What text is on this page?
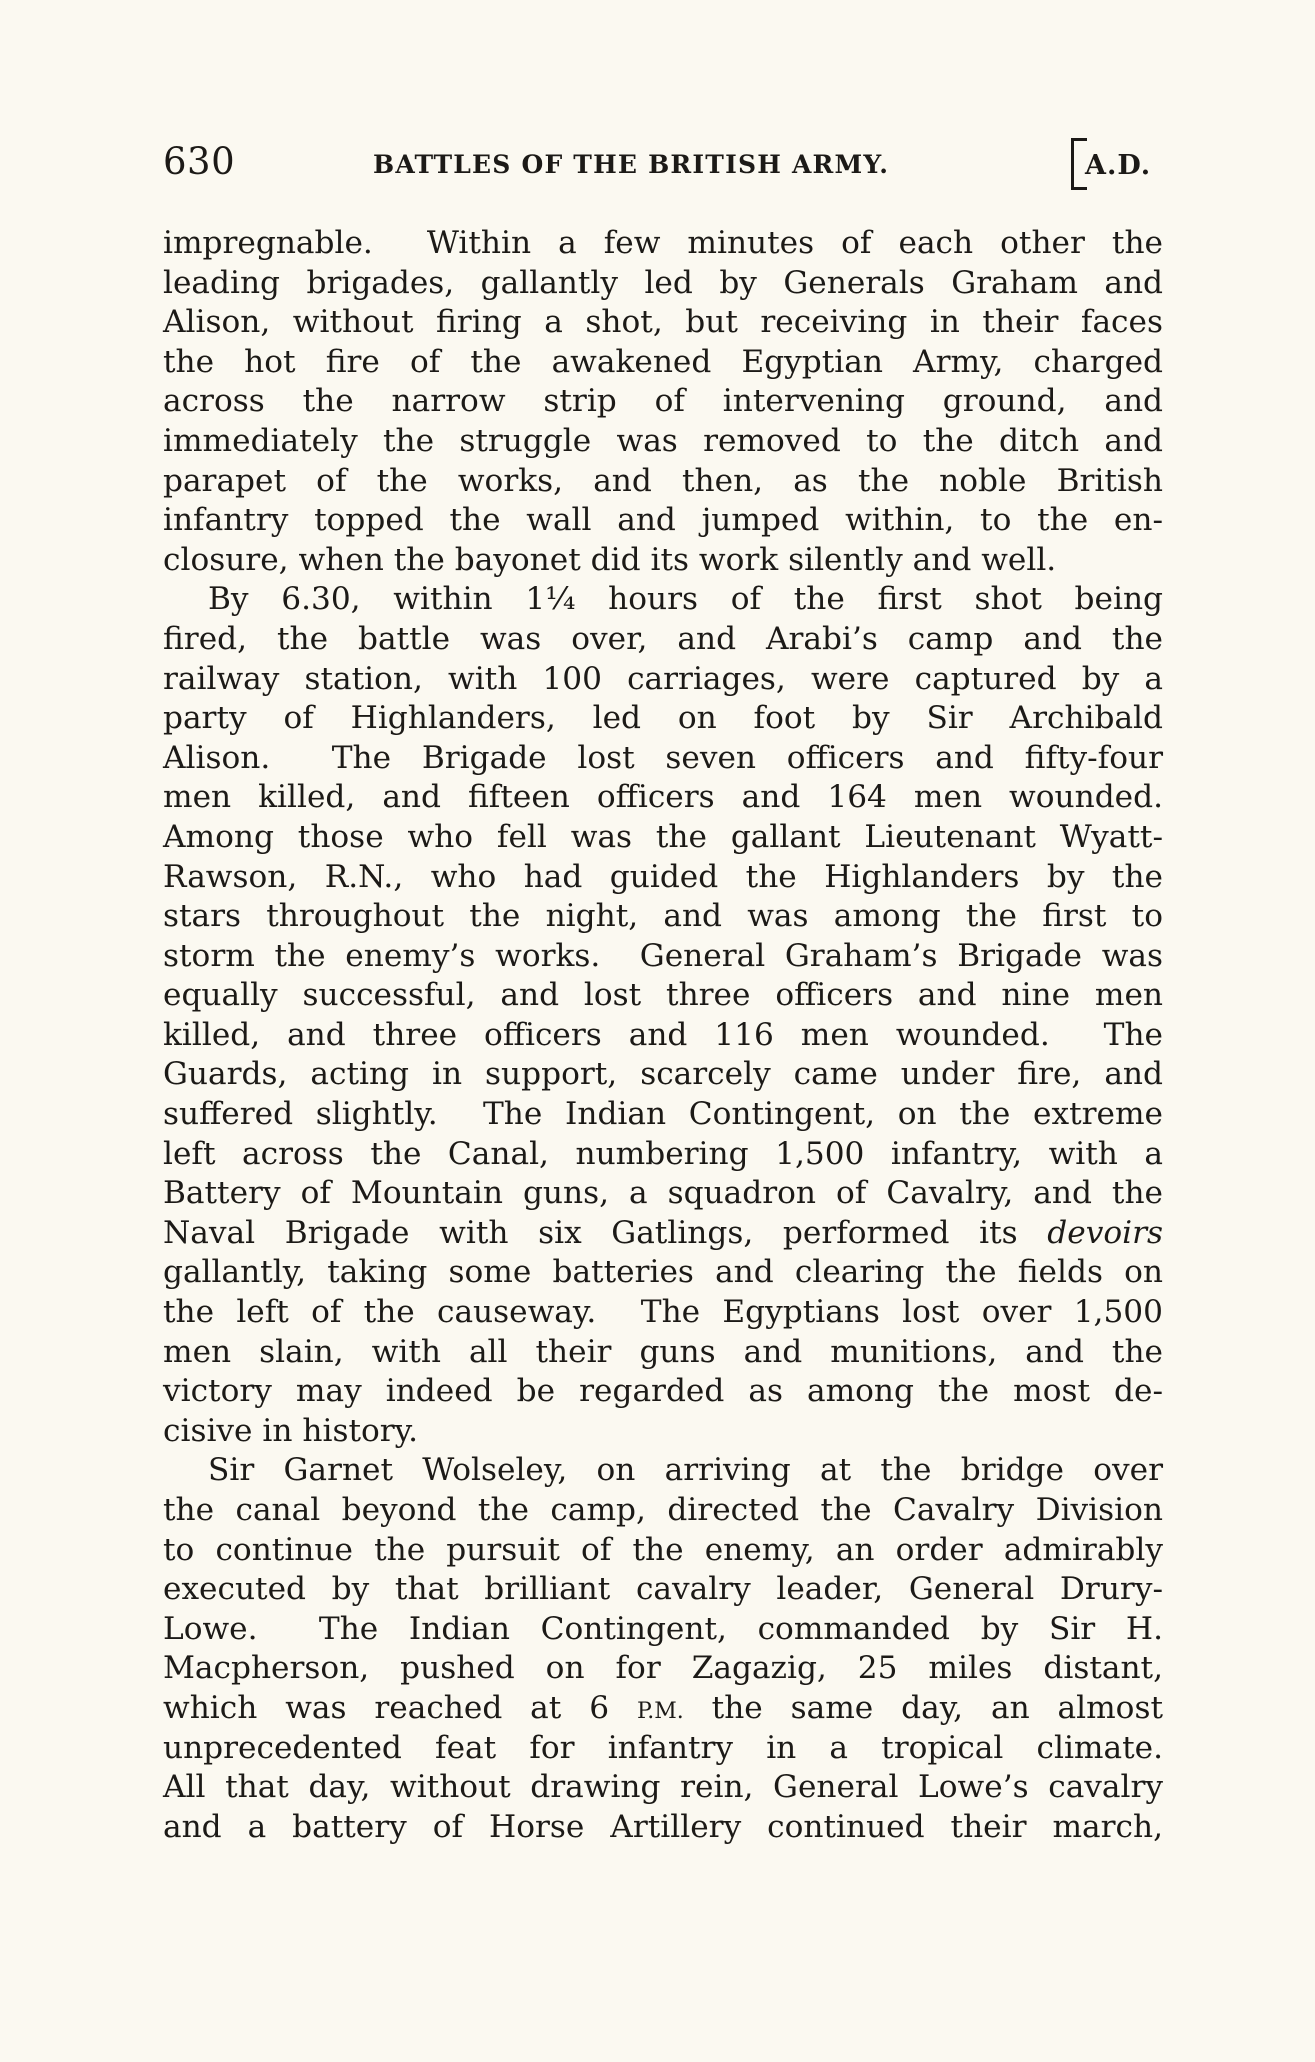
630	BATTLES OF THE BRITISH ARMY.	A.D.
impregnable.  Within a few minutes of each other the
leading brigades, gallantly led by Generals Graham and
Alison, without firing a shot, but receiving in their faces
the hot fire of the awakened Egyptian Army, charged
across the narrow strip of intervening ground, and
immediately the struggle was removed to the ditch and
parapet of the works, and then, as the noble British
infantry topped the wall and jumped within, to the en-
closure, when the bayonet did its work silently and well.
By 6.30, within 1¼ hours of the first shot being
fired, the battle was over, and Arabi’s camp and the
railway station, with 100 carriages, were captured by a
party of Highlanders, led on foot by Sir Archibald
Alison.  The Brigade lost seven officers and fifty-four
men killed, and fifteen officers and 164 men wounded.
Among those who fell was the gallant Lieutenant Wyatt-
Rawson, R.N., who had guided the Highlanders by the
stars throughout the night, and was among the first to
storm the enemy’s works.  General Graham’s Brigade was
equally successful, and lost three officers and nine men
killed, and three officers and 116 men wounded.  The
Guards, acting in support, scarcely came under fire, and
suffered slightly.  The Indian Contingent, on the extreme
left across the Canal, numbering 1,500 infantry, with a
Battery of Mountain guns, a squadron of Cavalry, and the
Naval Brigade with six Gatlings, performed its devoirs
gallantly, taking some batteries and clearing the fields on
the left of the causeway.  The Egyptians lost over 1,500
men slain, with all their guns and munitions, and the
victory may indeed be regarded as among the most de-
cisive in history.
Sir Garnet Wolseley, on arriving at the bridge over
the canal beyond the camp, directed the Cavalry Division
to continue the pursuit of the enemy, an order admirably
executed by that brilliant cavalry leader, General Drury-
Lowe.  The Indian Contingent, commanded by Sir H.
Macpherson, pushed on for Zagazig, 25 miles distant,
which was reached at 6 P.M. the same day, an almost
unprecedented feat for infantry in a tropical climate.
All that day, without drawing rein, General Lowe’s cavalry
and a battery of Horse Artillery continued their march,
